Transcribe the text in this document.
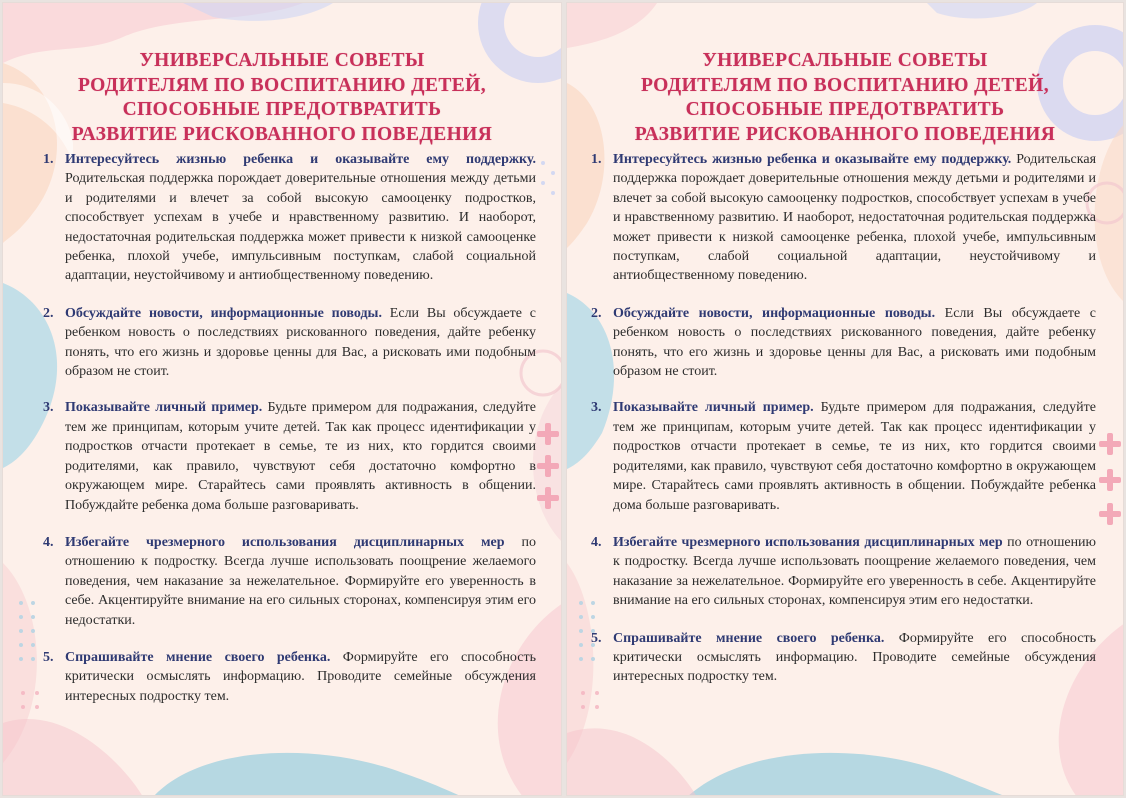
УНИВЕРСАЛЬНЫЕ СОВЕТЫ
РОДИТЕЛЯМ ПО ВОСПИТАНИЮ ДЕТЕЙ,
СПОСОБНЫЕ ПРЕДОТВРАТИТЬ
РАЗВИТИЕ РИСКОВАННОГО ПОВЕДЕНИЯ
1. Интересуйтесь жизнью ребенка и оказывайте ему поддержку. Родительская поддержка порождает доверительные отношения между детьми и родителями и влечет за собой высокую самооценку подростков, способствует успехам в учебе и нравственному развитию. И наоборот, недостаточная родительская поддержка может привести к низкой самооценке ребенка, плохой учебе, импульсивным поступкам, слабой социальной адаптации, неустойчивому и антиобщественному поведению.
2. Обсуждайте новости, информационные поводы. Если Вы обсуждаете с ребенком новость о последствиях рискованного поведения, дайте ребенку понять, что его жизнь и здоровье ценны для Вас, а рисковать ими подобным образом не стоит.
3. Показывайте личный пример. Будьте примером для подражания, следуйте тем же принципам, которым учите детей. Так как процесс идентификации у подростков отчасти протекает в семье, те из них, кто гордится своими родителями, как правило, чувствуют себя достаточно комфортно в окружающем мире. Старайтесь сами проявлять активность в общении. Побуждайте ребенка дома больше разговаривать.
4. Избегайте чрезмерного использования дисциплинарных мер по отношению к подростку. Всегда лучше использовать поощрение желаемого поведения, чем наказание за нежелательное. Формируйте его уверенность в себе. Акцентируйте внимание на его сильных сторонах, компенсируя этим его недостатки.
5. Спрашивайте мнение своего ребенка. Формируйте его способность критически осмыслять информацию. Проводите семейные обсуждения интересных подростку тем.
УНИВЕРСАЛЬНЫЕ СОВЕТЫ
РОДИТЕЛЯМ ПО ВОСПИТАНИЮ ДЕТЕЙ,
СПОСОБНЫЕ ПРЕДОТВРАТИТЬ
РАЗВИТИЕ РИСКОВАННОГО ПОВЕДЕНИЯ
1. Интересуйтесь жизнью ребенка и оказывайте ему поддержку. Родительская поддержка порождает доверительные отношения между детьми и родителями и влечет за собой высокую самооценку подростков, способствует успехам в учебе и нравственному развитию. И наоборот, недостаточная родительская поддержка может привести к низкой самооценке ребенка, плохой учебе, импульсивным поступкам, слабой социальной адаптации, неустойчивому и антиобщественному поведению.
2. Обсуждайте новости, информационные поводы. Если Вы обсуждаете с ребенком новость о последствиях рискованного поведения, дайте ребенку понять, что его жизнь и здоровье ценны для Вас, а рисковать ими подобным образом не стоит.
3. Показывайте личный пример. Будьте примером для подражания, следуйте тем же принципам, которым учите детей. Так как процесс идентификации у подростков отчасти протекает в семье, те из них, кто гордится своими родителями, как правило, чувствуют себя достаточно комфортно в окружающем мире. Старайтесь сами проявлять активность в общении. Побуждайте ребенка дома больше разговаривать.
4. Избегайте чрезмерного использования дисциплинарных мер по отношению к подростку. Всегда лучше использовать поощрение желаемого поведения, чем наказание за нежелательное. Формируйте его уверенность в себе. Акцентируйте внимание на его сильных сторонах, компенсируя этим его недостатки.
5. Спрашивайте мнение своего ребенка. Формируйте его способность критически осмыслять информацию. Проводите семейные обсуждения интересных подростку тем.
